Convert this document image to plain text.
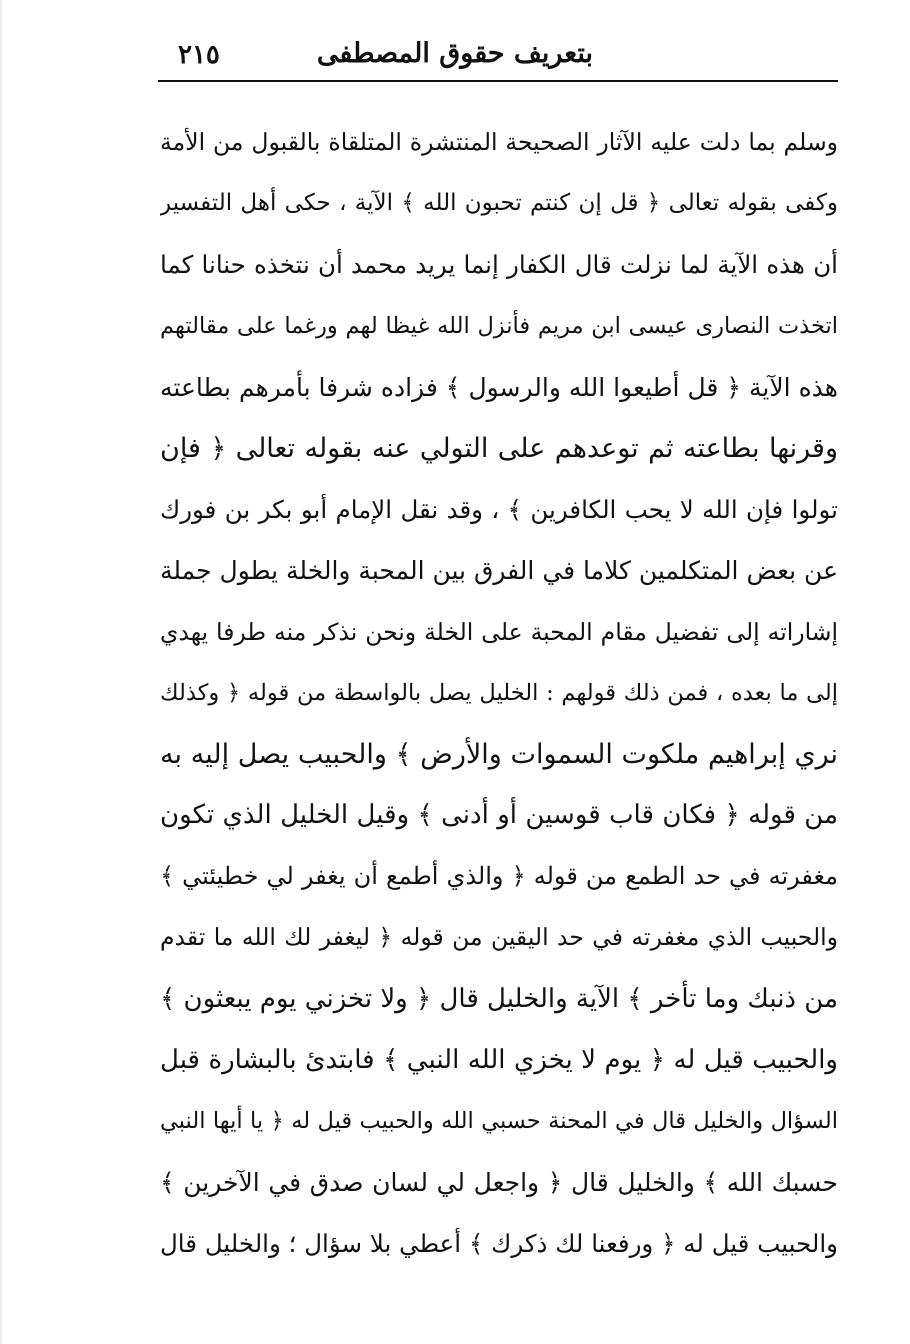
بتعريف حقوق المصطفى
٢١٥
وسلم بما دلت عليه الآثار الصحيحة المنتشرة المتلقاة بالقبول من الأمة
وكفى بقوله تعالى ﴿ قل إن كنتم تحبون الله ﴾ الآية ، حكى أهل التفسير
أن هذه الآية لما نزلت قال الكفار إنما يريد محمد أن نتخذه حنانا كما
اتخذت النصارى عيسى ابن مريم فأنزل الله غيظا لهم ورغما على مقالتهم
هذه الآية ﴿ قل أطيعوا الله والرسول ﴾ فزاده شرفا بأمرهم بطاعته
وقرنها بطاعته ثم توعدهم على التولي عنه بقوله تعالى ﴿ فإن
تولوا فإن الله لا يحب الكافرين ﴾ ، وقد نقل الإمام أبو بكر بن فورك
عن بعض المتكلمين كلاما في الفرق بين المحبة والخلة يطول جملة
إشاراته إلى تفضيل مقام المحبة على الخلة ونحن نذكر منه طرفا يهدي
إلى ما بعده ، فمن ذلك قولهم : الخليل يصل بالواسطة من قوله ﴿ وكذلك
نري إبراهيم ملكوت السموات والأرض ﴾ والحبيب يصل إليه به
من قوله ﴿ فكان قاب قوسين أو أدنى ﴾ وقيل الخليل الذي تكون
مغفرته في حد الطمع من قوله ﴿ والذي أطمع أن يغفر لي خطيئتي ﴾
والحبيب الذي مغفرته في حد اليقين من قوله ﴿ ليغفر لك الله ما تقدم
من ذنبك وما تأخر ﴾ الآية والخليل قال ﴿ ولا تخزني يوم يبعثون ﴾
والحبيب قيل له ﴿ يوم لا يخزي الله النبي ﴾ فابتدئ بالبشارة قبل
السؤال والخليل قال في المحنة حسبي الله والحبيب قيل له ﴿ يا أيها النبي
حسبك الله ﴾ والخليل قال ﴿ واجعل لي لسان صدق في الآخرين ﴾
والحبيب قيل له ﴿ ورفعنا لك ذكرك ﴾ أعطي بلا سؤال ؛ والخليل قال
